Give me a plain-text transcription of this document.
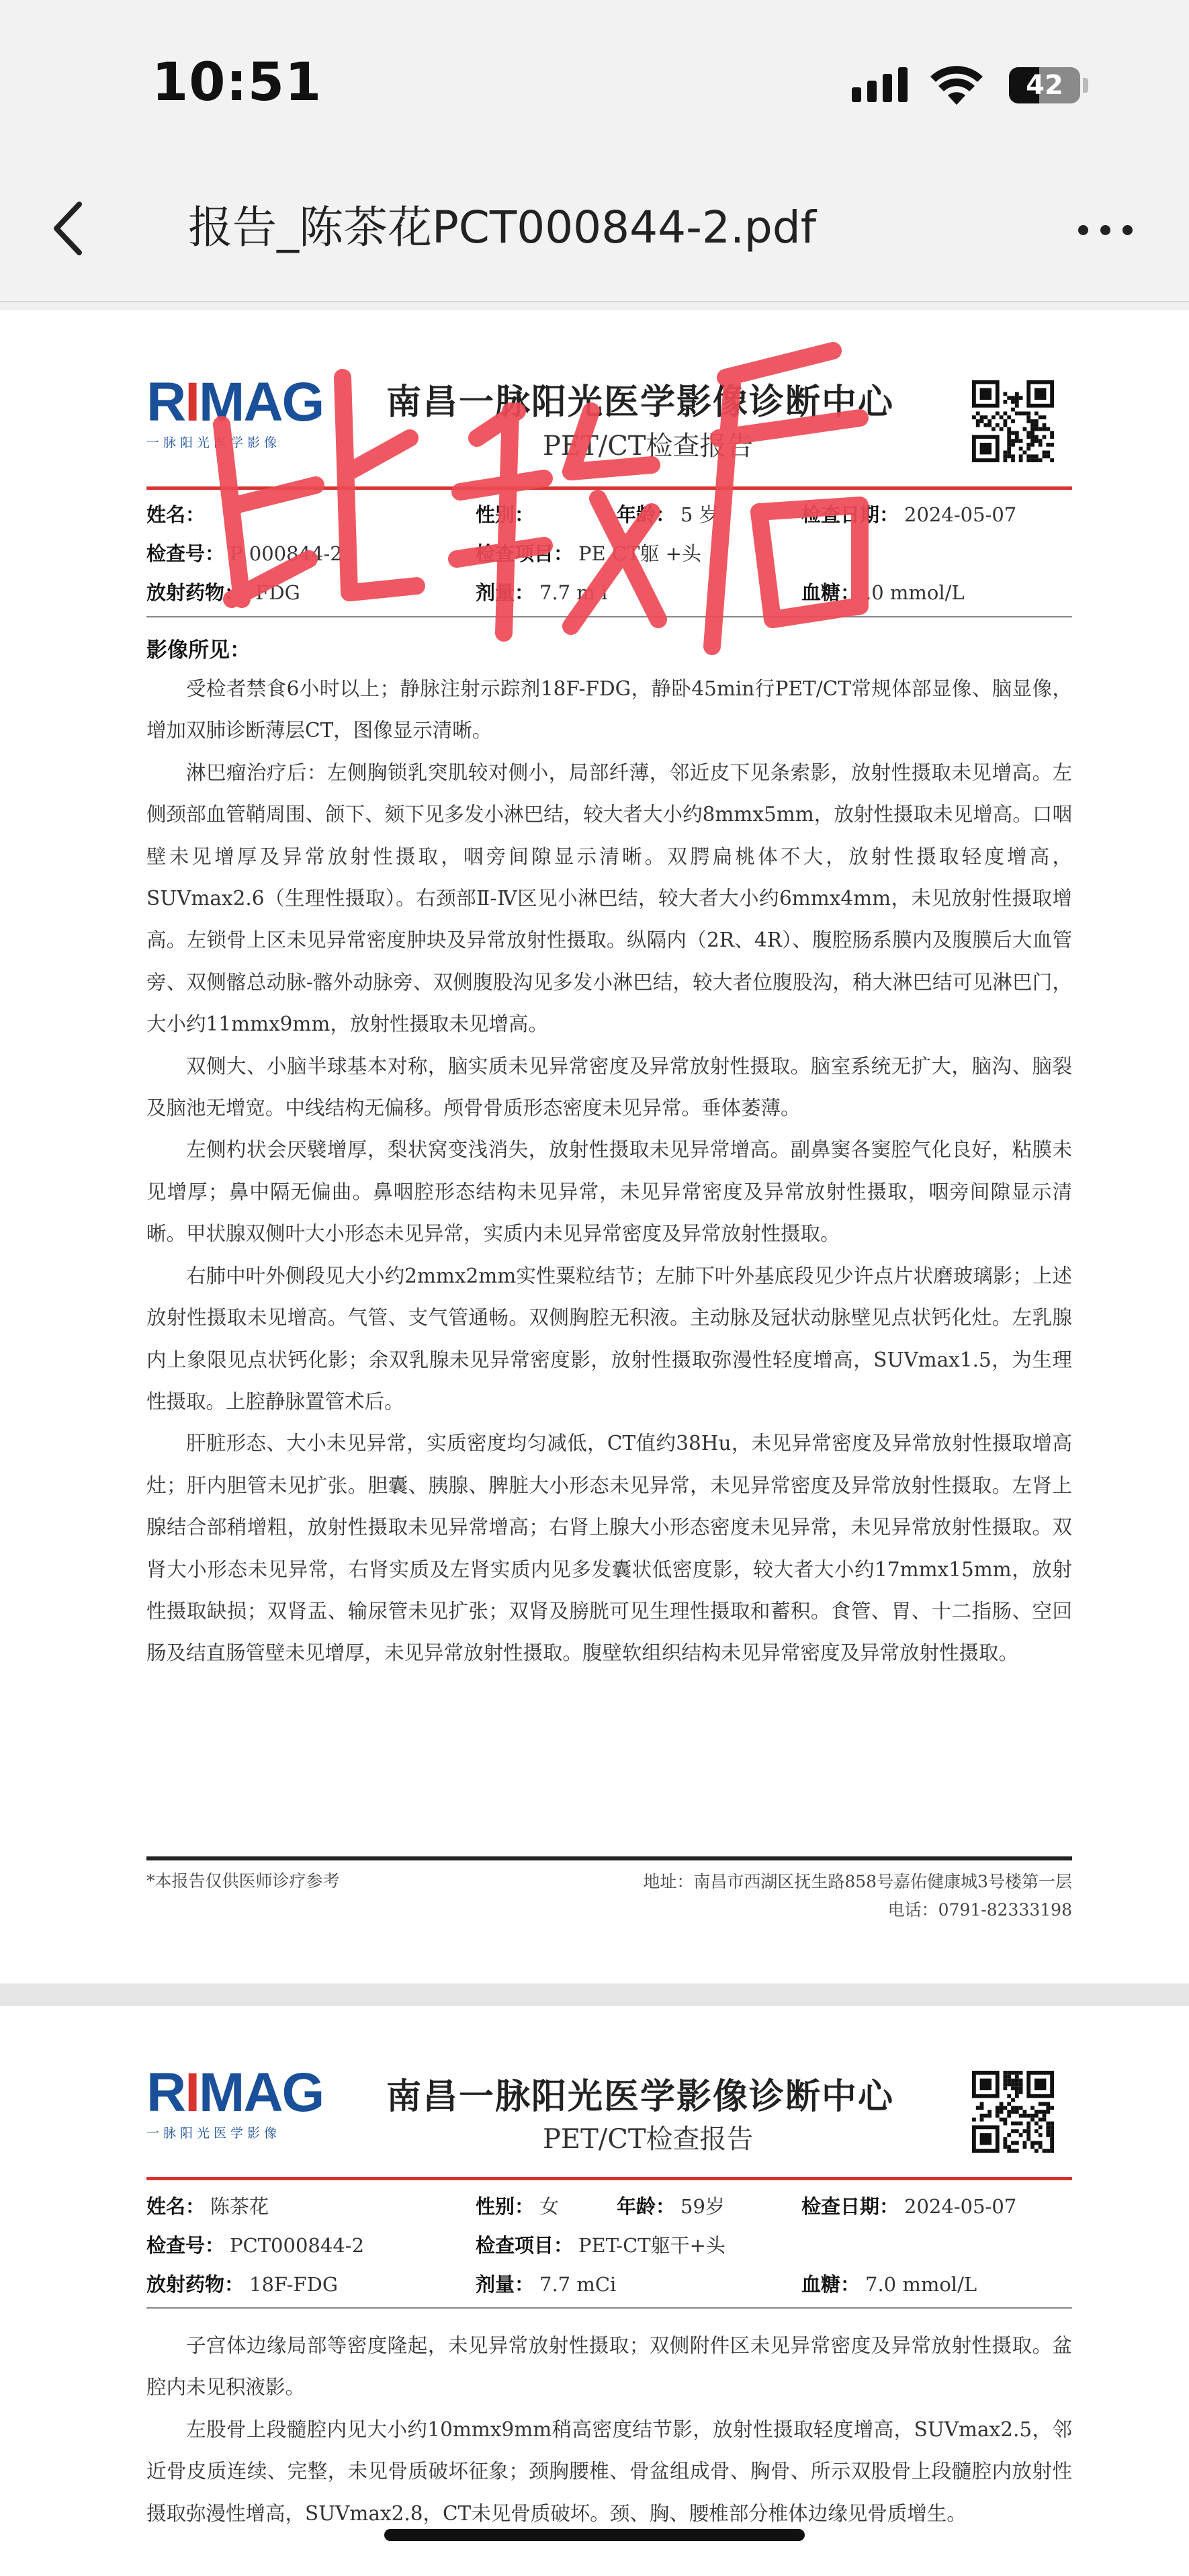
10:51	42
报告_陈茶花PCT000844-2.pdf
RIMAG
一脉阳光医学影像
南昌一脉阳光医学影像诊断中心
PET/CT检查报告
姓名：	性别：	年龄： 5 岁	检查日期： 2024-05-07
检查号： P 000844-2	检查项目： PE CT躯 +头
放射药物： FDG	剂量： 7.7 m i	血糖： .0 mmol/L
影像所见：

受检者禁食6小时以上；静脉注射示踪剂18F-FDG，静卧45min行PET/CT常规体部显像、脑显像，增加双肺诊断薄层CT，图像显示清晰。

淋巴瘤治疗后：左侧胸锁乳突肌较对侧小，局部纤薄，邻近皮下见条索影，放射性摄取未见增高。左侧颈部血管鞘周围、颌下、颏下见多发小淋巴结，较大者大小约8mmx5mm，放射性摄取未见增高。口咽壁未见增厚及异常放射性摄取，咽旁间隙显示清晰。双腭扁桃体不大，放射性摄取轻度增高，SUVmax2.6（生理性摄取）。右颈部Ⅱ-Ⅳ区见小淋巴结，较大者大小约6mmx4mm，未见放射性摄取增高。左锁骨上区未见异常密度肿块及异常放射性摄取。纵隔内（2R、4R）、腹腔肠系膜内及腹膜后大血管旁、双侧髂总动脉-髂外动脉旁、双侧腹股沟见多发小淋巴结，较大者位腹股沟，稍大淋巴结可见淋巴门，大小约11mmx9mm，放射性摄取未见增高。

双侧大、小脑半球基本对称，脑实质未见异常密度及异常放射性摄取。脑室系统无扩大，脑沟、脑裂及脑池无增宽。中线结构无偏移。颅骨骨质形态密度未见异常。垂体萎薄。

左侧杓状会厌襞增厚，梨状窝变浅消失，放射性摄取未见异常增高。副鼻窦各窦腔气化良好，粘膜未见增厚；鼻中隔无偏曲。鼻咽腔形态结构未见异常，未见异常密度及异常放射性摄取，咽旁间隙显示清晰。甲状腺双侧叶大小形态未见异常，实质内未见异常密度及异常放射性摄取。

右肺中叶外侧段见大小约2mmx2mm实性粟粒结节；左肺下叶外基底段见少许点片状磨玻璃影；上述放射性摄取未见增高。气管、支气管通畅。双侧胸腔无积液。主动脉及冠状动脉壁见点状钙化灶。左乳腺内上象限见点状钙化影；余双乳腺未见异常密度影，放射性摄取弥漫性轻度增高，SUVmax1.5，为生理性摄取。上腔静脉置管术后。

肝脏形态、大小未见异常，实质密度均匀减低，CT值约38Hu，未见异常密度及异常放射性摄取增高灶；肝内胆管未见扩张。胆囊、胰腺、脾脏大小形态未见异常，未见异常密度及异常放射性摄取。左肾上腺结合部稍增粗，放射性摄取未见异常增高；右肾上腺大小形态密度未见异常，未见异常放射性摄取。双肾大小形态未见异常，右肾实质及左肾实质内见多发囊状低密度影，较大者大小约17mmx15mm，放射性摄取缺损；双肾盂、输尿管未见扩张；双肾及膀胱可见生理性摄取和蓄积。食管、胃、十二指肠、空回肠及结直肠管壁未见增厚，未见异常放射性摄取。腹壁软组织结构未见异常密度及异常放射性摄取。

*本报告仅供医师诊疗参考	地址：南昌市西湖区抚生路858号嘉佑健康城3号楼第一层
电话：0791-82333198
RIMAG
一脉阳光医学影像
南昌一脉阳光医学影像诊断中心
PET/CT检查报告
姓名： 陈茶花	性别： 女	年龄： 59岁	检查日期： 2024-05-07
检查号： PCT000844-2	检查项目： PET-CT躯干+头
放射药物： 18F-FDG	剂量： 7.7 mCi	血糖： 7.0 mmol/L

子宫体边缘局部等密度隆起，未见异常放射性摄取；双侧附件区未见异常密度及异常放射性摄取。盆腔内未见积液影。

左股骨上段髓腔内见大小约10mmx9mm稍高密度结节影，放射性摄取轻度增高，SUVmax2.5，邻近骨皮质连续、完整，未见骨质破坏征象；颈胸腰椎、骨盆组成骨、胸骨、所示双股骨上段髓腔内放射性摄取弥漫性增高，SUVmax2.8，CT未见骨质破坏。颈、胸、腰椎部分椎体边缘见骨质增生。
